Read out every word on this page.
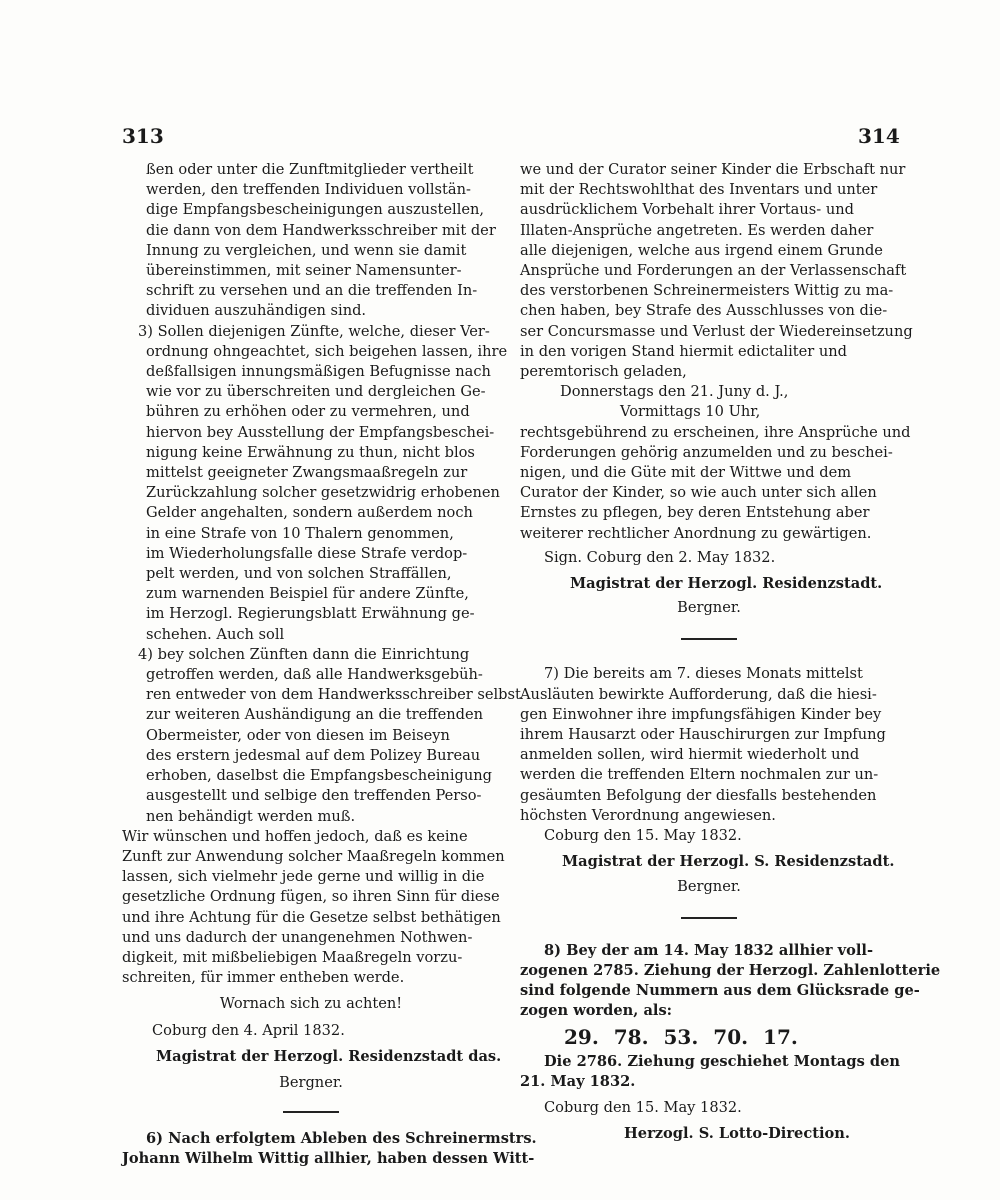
313	314
ßen oder unter die Zunftmitglieder vertheilt
werden, den treffenden Individuen vollstän-
dige Empfangsbescheinigungen auszustellen,
die dann von dem Handwerksschreiber mit der
Innung zu vergleichen, und wenn sie damit
übereinstimmen, mit seiner Namensunter-
schrift zu versehen und an die treffenden In-
dividuen auszuhändigen sind.
3) Sollen diejenigen Zünfte, welche, dieser Ver-
ordnung ohngeachtet, sich beigehen lassen, ihre
deßfallsigen innungsmäßigen Befugnisse nach
wie vor zu überschreiten und dergleichen Ge-
bühren zu erhöhen oder zu vermehren, und
hiervon bey Ausstellung der Empfangsbeschei-
nigung keine Erwähnung zu thun, nicht blos
mittelst geeigneter Zwangsmaaßregeln zur
Zurückzahlung solcher gesetzwidrig erhobenen
Gelder angehalten, sondern außerdem noch
in eine Strafe von 10 Thalern genommen,
im Wiederholungsfalle diese Strafe verdop-
pelt werden, und von solchen Straffällen,
zum warnenden Beispiel für andere Zünfte,
im Herzogl. Regierungsblatt Erwähnung ge-
schehen. Auch soll
4) bey solchen Zünften dann die Einrichtung
getroffen werden, daß alle Handwerksgebüh-
ren entweder von dem Handwerksschreiber selbst
zur weiteren Aushändigung an die treffenden
Obermeister, oder von diesen im Beiseyn
des erstern jedesmal auf dem Polizey Bureau
erhoben, daselbst die Empfangsbescheinigung
ausgestellt und selbige den treffenden Perso-
nen behändigt werden muß.
Wir wünschen und hoffen jedoch, daß es keine
Zunft zur Anwendung solcher Maaßregeln kommen
lassen, sich vielmehr jede gerne und willig in die
gesetzliche Ordnung fügen, so ihren Sinn für diese
und ihre Achtung für die Gesetze selbst bethätigen
und uns dadurch der unangenehmen Nothwen-
digkeit, mit mißbeliebigen Maaßregeln vorzu-
schreiten, für immer entheben werde.
Wornach sich zu achten!
Coburg den 4. April 1832.
Magistrat der Herzogl. Residenzstadt das.
Bergner.
6) Nach erfolgtem Ableben des Schreinermstrs.
Johann Wilhelm Wittig allhier, haben dessen Witt-
we und der Curator seiner Kinder die Erbschaft nur
mit der Rechtswohlthat des Inventars und unter
ausdrücklichem Vorbehalt ihrer Vortaus- und
Illaten-Ansprüche angetreten. Es werden daher
alle diejenigen, welche aus irgend einem Grunde
Ansprüche und Forderungen an der Verlassenschaft
des verstorbenen Schreinermeisters Wittig zu ma-
chen haben, bey Strafe des Ausschlusses von die-
ser Concursmasse und Verlust der Wiedereinsetzung
in den vorigen Stand hiermit edictaliter und
peremtorisch geladen,
Donnerstags den 21. Juny d. J.,
Vormittags 10 Uhr,
rechtsgebührend zu erscheinen, ihre Ansprüche und
Forderungen gehörig anzumelden und zu beschei-
nigen, und die Güte mit der Wittwe und dem
Curator der Kinder, so wie auch unter sich allen
Ernstes zu pflegen, bey deren Entstehung aber
weiterer rechtlicher Anordnung zu gewärtigen.
Sign. Coburg den 2. May 1832.
Magistrat der Herzogl. Residenzstadt.
Bergner.
7) Die bereits am 7. dieses Monats mittelst
Ausläuten bewirkte Aufforderung, daß die hiesi-
gen Einwohner ihre impfungsfähigen Kinder bey
ihrem Hausarzt oder Hauschirurgen zur Impfung
anmelden sollen, wird hiermit wiederholt und
werden die treffenden Eltern nochmalen zur un-
gesäumten Befolgung der diesfalls bestehenden
höchsten Verordnung angewiesen.
Coburg den 15. May 1832.
Magistrat der Herzogl. S. Residenzstadt.
Bergner.
8) Bey der am 14. May 1832 allhier voll-
zogenen 2785. Ziehung der Herzogl. Zahlenlotterie
sind folgende Nummern aus dem Glücksrade ge-
zogen worden, als:
29. 78. 53. 70. 17.
Die 2786. Ziehung geschiehet Montags den
21. May 1832.
Coburg den 15. May 1832.
Herzogl. S. Lotto-Direction.
